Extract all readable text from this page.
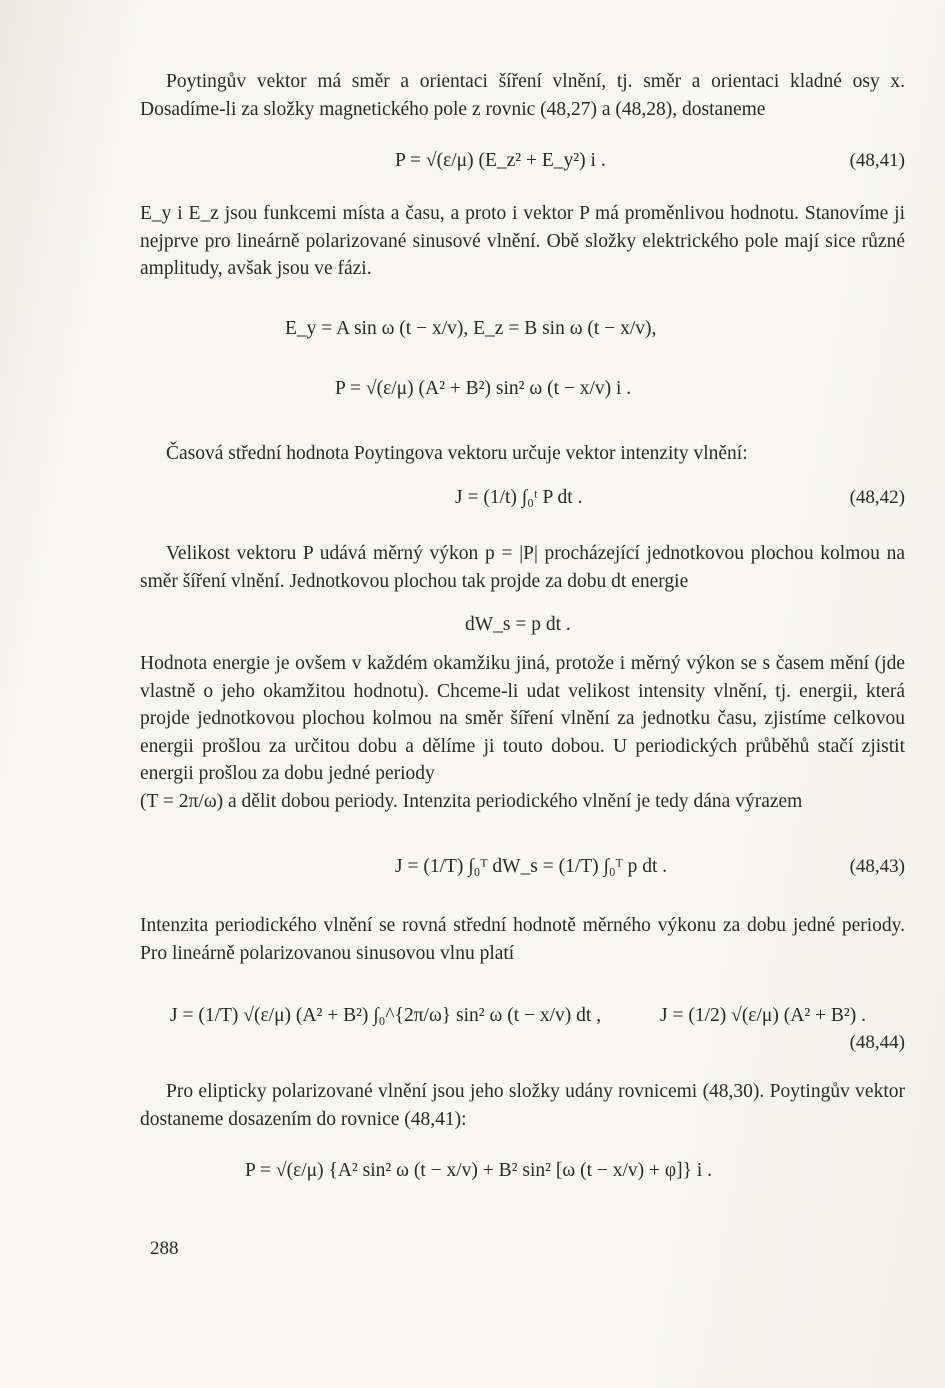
Poytingův vektor má směr a orientaci šíření vlnění, tj. směr a orientaci kladné osy x. Dosadíme-li za složky magnetického pole z rovnic (48,27) a (48,28), dostaneme

P = √(ε/μ) (E_z² + E_y²) i .	(48,41)

E_y i E_z jsou funkcemi místa a času, a proto i vektor P má proměnlivou hodnotu. Stanovíme ji nejprve pro lineárně polarizované sinusové vlnění. Obě složky elektrického pole mají sice různé amplitudy, avšak jsou ve fázi.

E_y = A sin ω (t − x/v), E_z = B sin ω (t − x/v),
P = √(ε/μ) (A² + B²) sin² ω (t − x/v) i .

Časová střední hodnota Poytingova vektoru určuje vektor intenzity vlnění:

J = (1/t) ∫₀ᵗ P dt .	(48,42)

Velikost vektoru P udává měrný výkon p = |P| procházející jednotkovou plochou kolmou na směr šíření vlnění. Jednotkovou plochou tak projde za dobu dt energie

dW_s = p dt .

Hodnota energie je ovšem v každém okamžiku jiná, protože i měrný výkon se s časem mění (jde vlastně o jeho okamžitou hodnotu). Chceme-li udat velikost intensity vlnění, tj. energii, která projde jednotkovou plochou kolmou na směr šíření vlnění za jednotku času, zjistíme celkovou energii prošlou za určitou dobu a dělíme ji touto dobou. U periodických průběhů stačí zjistit energii prošlou za dobu jedné periody

(T = 2π/ω) a dělit dobou periody. Intenzita periodického vlnění je tedy dána výrazem

J = (1/T) ∫₀ᵀ dW_s = (1/T) ∫₀ᵀ p dt .	(48,43)

Intenzita periodického vlnění se rovná střední hodnotě měrného výkonu za dobu jedné periody. Pro lineárně polarizovanou sinusovou vlnu platí

J = (1/T) √(ε/μ) (A² + B²) ∫₀^{2π/ω} sin² ω (t − x/v) dt ,	J = (1/2) √(ε/μ) (A² + B²) .
(48,44)

Pro elipticky polarizované vlnění jsou jeho složky udány rovnicemi (48,30). Poytingův vektor dostaneme dosazením do rovnice (48,41):

P = √(ε/μ) {A² sin² ω (t − x/v) + B² sin² [ω (t − x/v) + φ]} i .
288
